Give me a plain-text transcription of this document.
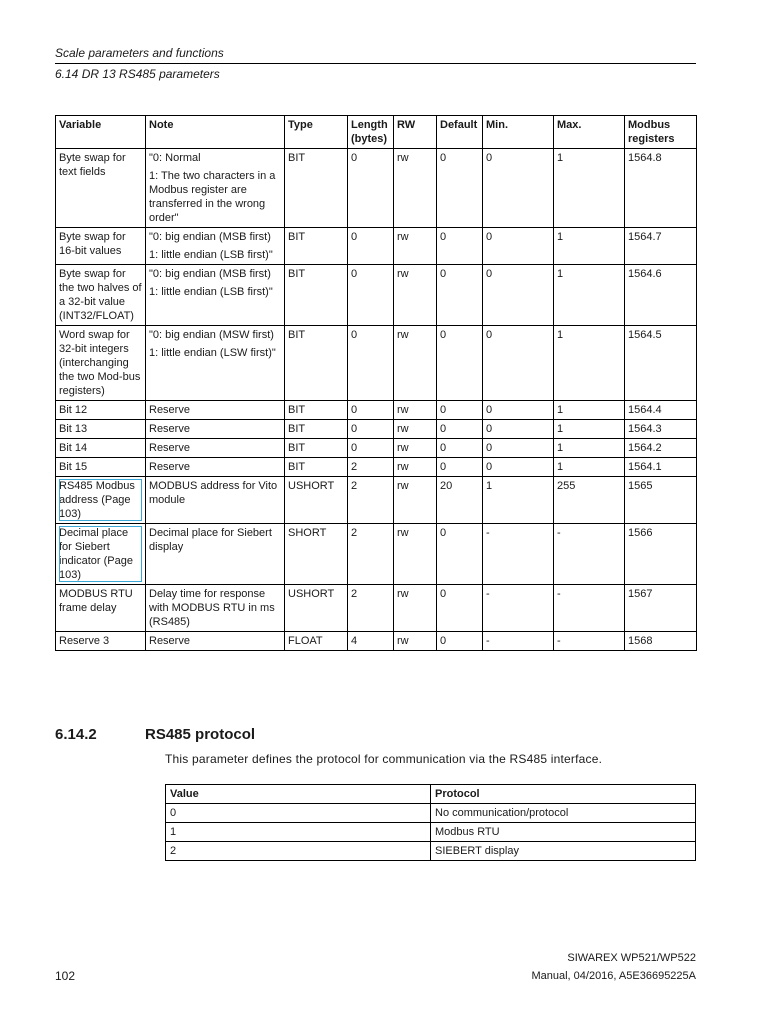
Scale parameters and functions
6.14 DR 13 RS485 parameters
Variable	Note	Type	Length (bytes)	RW	Default	Min.	Max.	Modbus registers

Byte swap for text fields	"0: Normal
1: The two characters in a Modbus register are transferred in the wrong order"	BIT	0	rw	0	0	1	1564.8

Byte swap for 16-bit values	"0: big endian (MSB first)
1: little endian (LSB first)"	BIT	0	rw	0	0	1	1564.7

Byte swap for the two halves of a 32-bit value (INT32/FLOAT)	"0: big endian (MSB first)
1: little endian (LSB first)"	BIT	0	rw	0	0	1	1564.6

Word swap for 32-bit integers (interchanging the two Mod-bus registers)	"0: big endian (MSW first)
1: little endian (LSW first)"	BIT	0	rw	0	0	1	1564.5

Bit 12	Reserve	BIT	0	rw	0	0	1	1564.4

Bit 13	Reserve	BIT	0	rw	0	0	1	1564.3

Bit 14	Reserve	BIT	0	rw	0	0	1	1564.2

Bit 15	Reserve	BIT	2	rw	0	0	1	1564.1

RS485 Modbus address (Page 103)	MODBUS address for Vito module	USHORT	2	rw	20	1	255	1565

Decimal place for Siebert indicator (Page 103)	Decimal place for Siebert display	SHORT	2	rw	0	-	-	1566

MODBUS RTU frame delay	Delay time for response with MODBUS RTU in ms (RS485)	USHORT	2	rw	0	-	-	1567

Reserve 3	Reserve	FLOAT	4	rw	0	-	-	1568
6.14.2	RS485 protocol
This parameter defines the protocol for communication via the RS485 interface.
Value	Protocol
0	No communication/protocol
1	Modbus RTU
2	SIEBERT display
SIWAREX WP521/WP522
102	Manual, 04/2016, A5E36695225A
